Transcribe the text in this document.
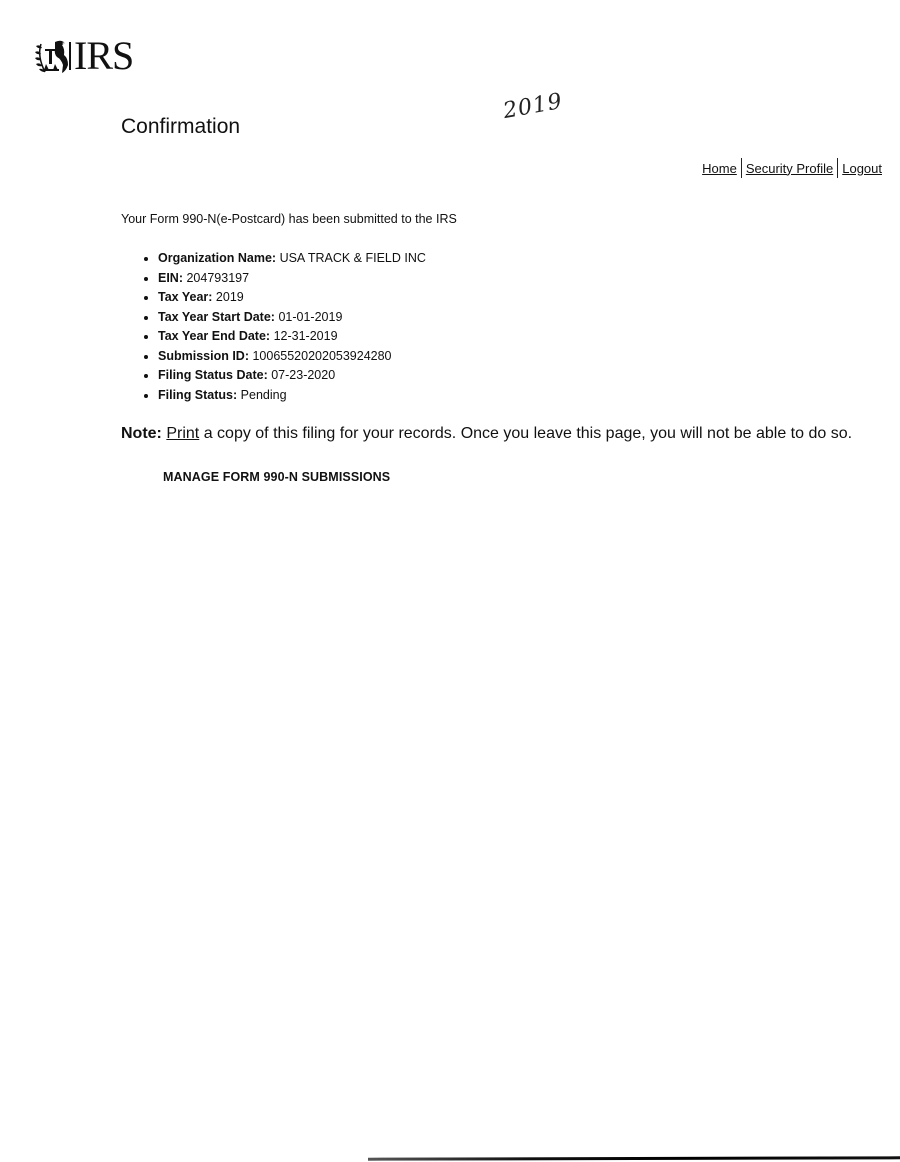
IRS
2019
Confirmation
Home Security Profile Logout
Your Form 990-N(e-Postcard) has been submitted to the IRS
• Organization Name: USA TRACK & FIELD INC
• EIN: 204793197
• Tax Year: 2019
• Tax Year Start Date: 01-01-2019
• Tax Year End Date: 12-31-2019
• Submission ID: 10065520202053924280
• Filing Status Date: 07-23-2020
• Filing Status: Pending
Note: Print a copy of this filing for your records. Once you leave this page, you will not be able to do so.
MANAGE FORM 990-N SUBMISSIONS
